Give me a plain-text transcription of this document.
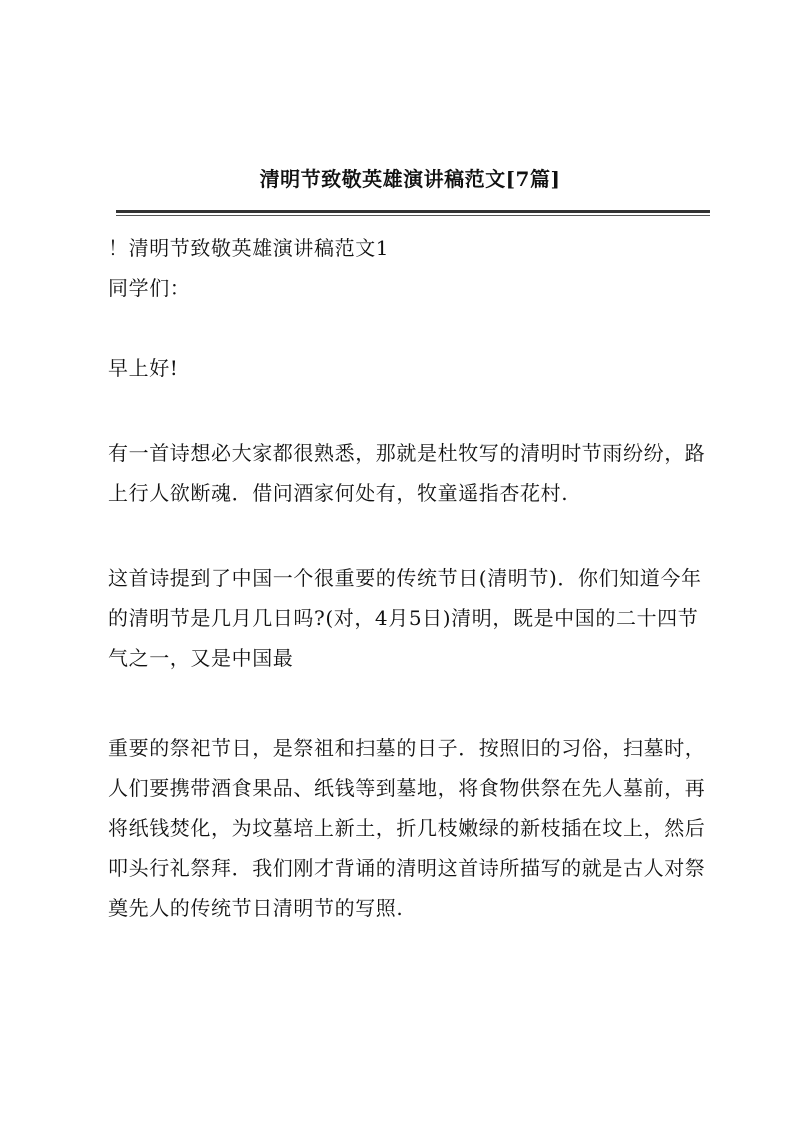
清明节致敬英雄演讲稿范文[7篇]

！清明节致敬英雄演讲稿范文1

同学们：

早上好!

有一首诗想必大家都很熟悉，那就是杜牧写的清明时节雨纷纷，路上行人欲断魂．借问酒家何处有，牧童遥指杏花村.

这首诗提到了中国一个很重要的传统节日(清明节)．你们知道今年的清明节是几月几日吗?(对，4月5日)清明，既是中国的二十四节气之一，又是中国最

重要的祭祀节日，是祭祖和扫墓的日子．按照旧的习俗，扫墓时，人们要携带酒食果品、纸钱等到墓地，将食物供祭在先人墓前，再将纸钱焚化，为坟墓培上新土，折几枝嫩绿的新枝插在坟上，然后叩头行礼祭拜．我们刚才背诵的清明这首诗所描写的就是古人对祭奠先人的传统节日清明节的写照.
